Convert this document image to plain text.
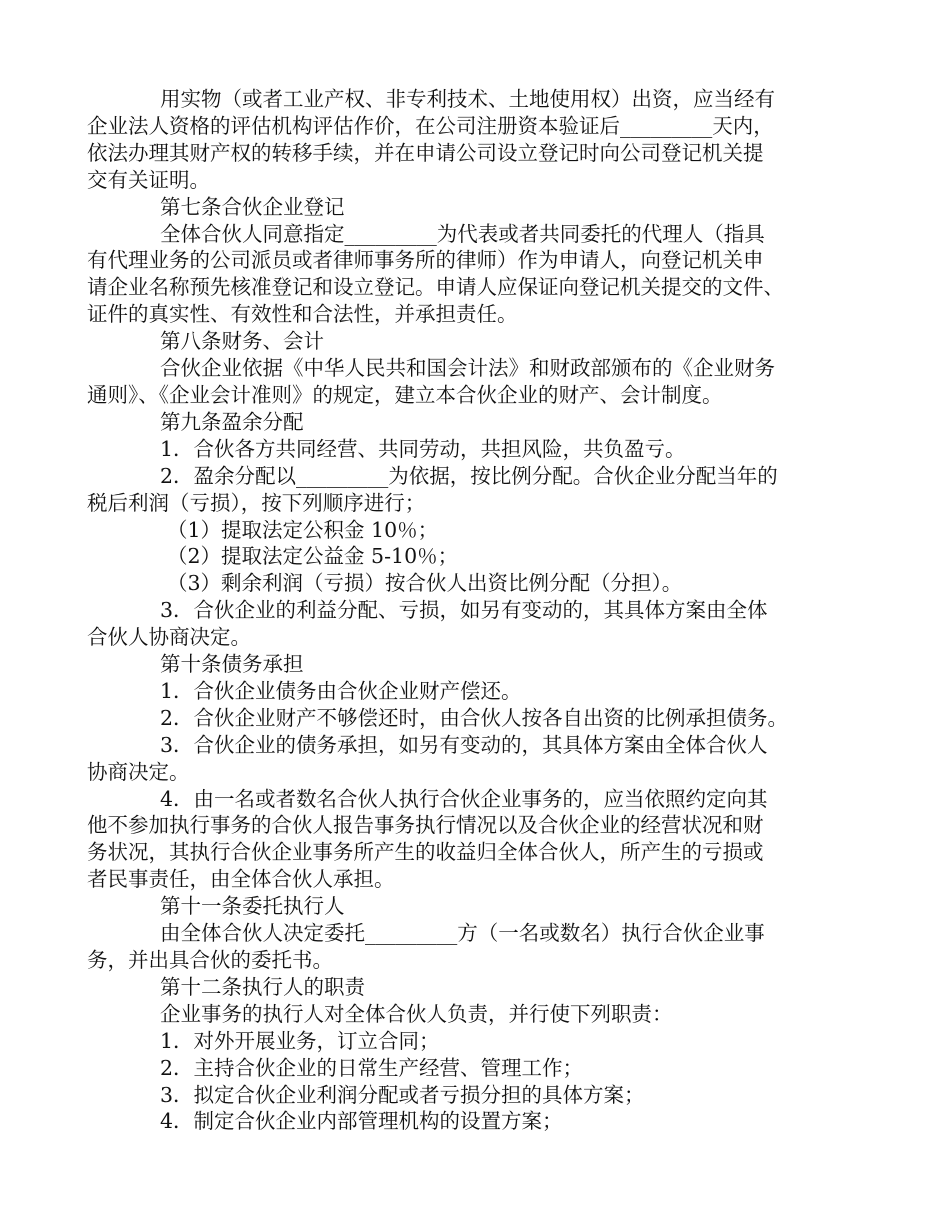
用实物（或者工业产权、非专利技术、土地使用权）出资，应当经有
企业法人资格的评估机构评估作价，在公司注册资本验证后_________天内，
依法办理其财产权的转移手续，并在申请公司设立登记时向公司登记机关提
交有关证明。
第七条合伙企业登记
全体合伙人同意指定_________为代表或者共同委托的代理人（指具
有代理业务的公司派员或者律师事务所的律师）作为申请人，向登记机关申
请企业名称预先核准登记和设立登记。申请人应保证向登记机关提交的文件、
证件的真实性、有效性和合法性，并承担责任。
第八条财务、会计
合伙企业依据《中华人民共和国会计法》和财政部颁布的《企业财务
通则》、《企业会计准则》的规定，建立本合伙企业的财产、会计制度。
第九条盈余分配
1．合伙各方共同经营、共同劳动，共担风险，共负盈亏。
2．盈余分配以_________为依据，按比例分配。合伙企业分配当年的
税后利润（亏损），按下列顺序进行；
（1）提取法定公积金 10％；
（2）提取法定公益金 5-10％；
（3）剩余利润（亏损）按合伙人出资比例分配（分担）。
3．合伙企业的利益分配、亏损，如另有变动的，其具体方案由全体
合伙人协商决定。
第十条债务承担
1．合伙企业债务由合伙企业财产偿还。
2．合伙企业财产不够偿还时，由合伙人按各自出资的比例承担债务。
3．合伙企业的债务承担，如另有变动的，其具体方案由全体合伙人
协商决定。
4．由一名或者数名合伙人执行合伙企业事务的，应当依照约定向其
他不参加执行事务的合伙人报告事务执行情况以及合伙企业的经营状况和财
务状况，其执行合伙企业事务所产生的收益归全体合伙人，所产生的亏损或
者民事责任，由全体合伙人承担。
第十一条委托执行人
由全体合伙人决定委托_________方（一名或数名）执行合伙企业事
务，并出具合伙的委托书。
第十二条执行人的职责
企业事务的执行人对全体合伙人负责，并行使下列职责：
1．对外开展业务，订立合同；
2．主持合伙企业的日常生产经营、管理工作；
3．拟定合伙企业利润分配或者亏损分担的具体方案；
4．制定合伙企业内部管理机构的设置方案；
